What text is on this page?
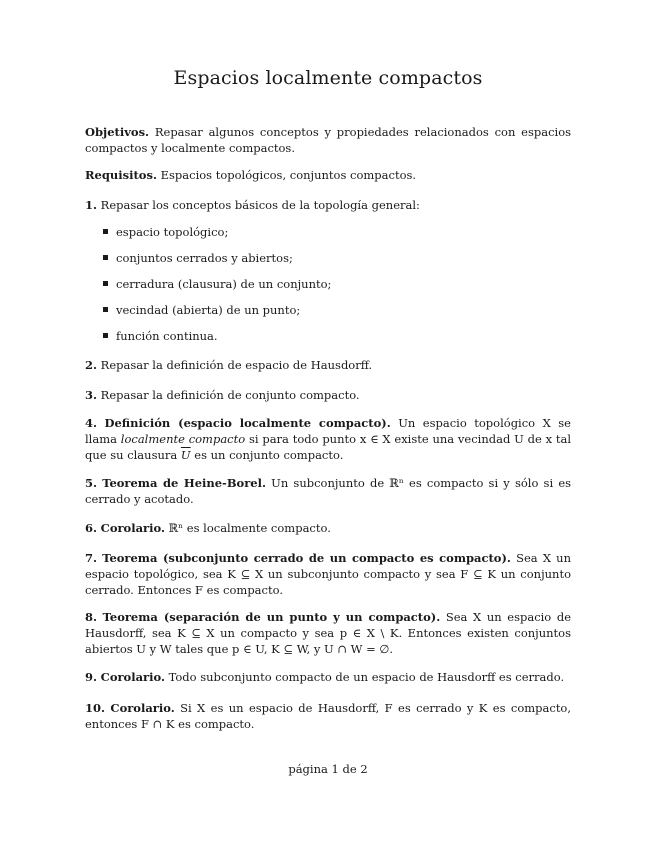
Espacios localmente compactos

Objetivos. Repasar algunos conceptos y propiedades relacionados con espacios compactos y localmente compactos.

Requisitos. Espacios topológicos, conjuntos compactos.

1. Repasar los conceptos básicos de la topología general:

espacio topológico;
conjuntos cerrados y abiertos;
cerradura (clausura) de un conjunto;
vecindad (abierta) de un punto;
función continua.

2. Repasar la definición de espacio de Hausdorff.

3. Repasar la definición de conjunto compacto.

4. Definición (espacio localmente compacto). Un espacio topológico X se llama localmente compacto si para todo punto x ∈ X existe una vecindad U de x tal que su clausura $\overline{U}$ es un conjunto compacto.

5. Teorema de Heine-Borel. Un subconjunto de ℝⁿ es compacto si y sólo si es cerrado y acotado.

6. Corolario. ℝⁿ es localmente compacto.

7. Teorema (subconjunto cerrado de un compacto es compacto). Sea X un espacio topológico, sea K ⊆ X un subconjunto compacto y sea F ⊆ K un conjunto cerrado. Entonces F es compacto.

8. Teorema (separación de un punto y un compacto). Sea X un espacio de Hausdorff, sea K ⊆ X un compacto y sea p ∈ X \ K. Entonces existen conjuntos abiertos U y W tales que p ∈ U, K ⊆ W, y U ∩ W = ∅.

9. Corolario. Todo subconjunto compacto de un espacio de Hausdorff es cerrado.

10. Corolario. Si X es un espacio de Hausdorff, F es cerrado y K es compacto, entonces F ∩ K es compacto.

página 1 de 2
